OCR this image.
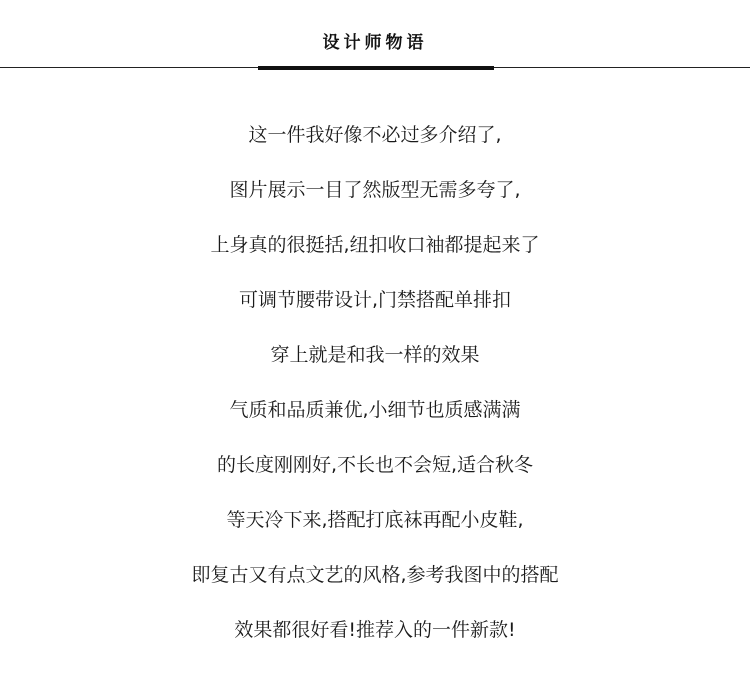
设计师物语
这一件我好像不必过多介绍了,
图片展示一目了然版型无需多夸了,
上身真的很挺括,纽扣收口袖都提起来了
可调节腰带设计,门禁搭配单排扣
穿上就是和我一样的效果
气质和品质兼优,小细节也质感满满
的长度刚刚好,不长也不会短,适合秋冬
等天冷下来,搭配打底袜再配小皮鞋,
即复古又有点文艺的风格,参考我图中的搭配
效果都很好看!推荐入的一件新款!
